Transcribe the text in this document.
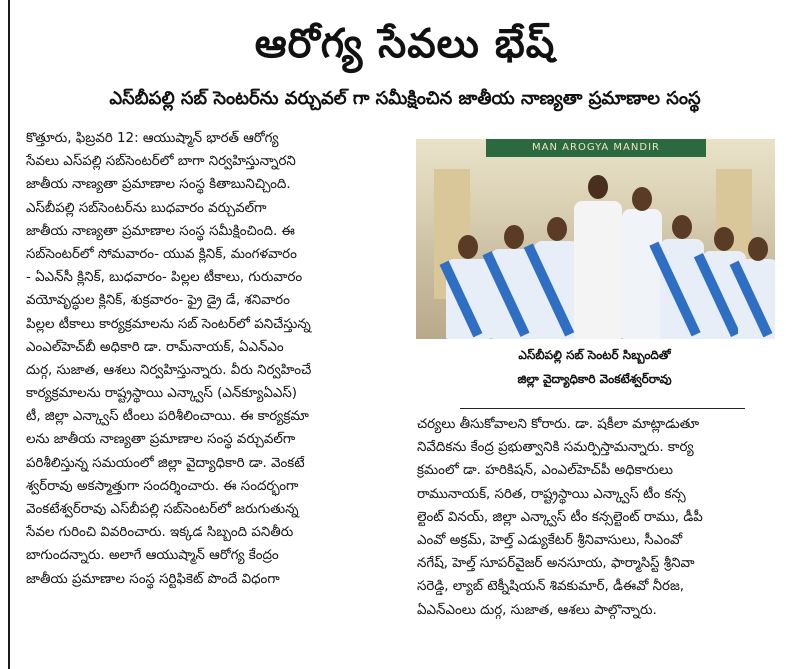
ఆరోగ్య సేవలు భేష్
ఎస్‌బీపల్లి సబ్ సెంటర్‌ను వర్చువల్ గా సమీక్షించిన జాతీయ నాణ్యతా ప్రమాణాల సంస్థ
కొత్తూరు, ఫిబ్రవరి 12: ఆయుష్మాన్ భారత్ ఆరోగ్య
సేవలు ఎస్‌పల్లి సబ్‌సెంటర్‌లో బాగా నిర్వహిస్తున్నారని
జాతీయ నాణ్యతా ప్రమాణాల సంస్థ కితాబునిచ్చింది.
ఎస్‌బీపల్లి సబ్‌సెంటర్‌ను బుధవారం వర్చువల్‌గా
జాతీయ నాణ్యతా ప్రమాణాల సంస్థ సమీక్షించింది. ఈ
సబ్‌సెంటర్‌లో సోమవారం- యువ క్లినిక్, మంగళవారం
- ఏఎన్‌సీ క్లినిక్, బుధవారం- పిల్లల టీకాలు, గురువారం
వయోవృద్ధుల క్లినిక్, శుక్రవారం- ఫ్రై డ్రై డే, శనివారం
పిల్లల టీకాలు కార్యక్రమాలను సబ్ సెంటర్‌లో పనిచేస్తున్న
ఎంఎల్‌హెచ్‌బీ అధికారి డా. రామ్‌నాయక్, ఏఎన్‌ఎం
దుర్గ, సుజాత, ఆశలు నిర్వహిస్తున్నారు. వీరు నిర్వహించే
కార్యక్రమాలను రాష్ట్రస్థాయి ఎన్క్వాస్ (ఎన్‌క్యూఏఎస్)
టీ, జిల్లా ఎన్క్వాస్ టీంలు పరిశీలించాయి. ఈ కార్యక్రమా
లను జాతీయ నాణ్యతా ప్రమాణాల సంస్థ వర్చువల్‌గా
పరిశీలిస్తున్న సమయంలో జిల్లా వైద్యాధికారి డా. వెంకటే
శ్వర్‌రావు అకస్మాత్తుగా సందర్శించారు. ఈ సందర్భంగా
వెంకటేశ్వర్‌రావు ఎస్‌బీపల్లి సబ్‌సెంటర్‌లో జరుగుతున్న
సేవల గురించి వివరించారు. ఇక్కడ సిబ్బంది పనితీరు
బాగుందన్నారు. అలాగే ఆయుష్మాన్ ఆరోగ్య కేంద్రం
జాతీయ ప్రమాణాల సంస్థ సర్టిఫికెట్ పొందే విధంగా
MAN AROGYA MANDIR
ఎస్‌బీపల్లి సబ్ సెంటర్ సిబ్బందితో
జిల్లా వైద్యాధికారి వెంకటేశ్వర్‌రావు
చర్యలు తీసుకోవాలని కోరారు. డా. షకీలా మాట్లాడుతూ
నివేదికను కేంద్ర ప్రభుత్వానికి సమర్పిస్తామన్నారు. కార్య
క్రమంలో డా. హరికిషన్, ఎంఎల్‌హెచ్‌పీ అధికారులు
రామునాయక్, సరిత, రాష్ట్రస్థాయి ఎన్క్వాస్ టీం కన్స
ల్టెంట్ వినయ్, జిల్లా ఎన్క్వాస్ టీం కన్సల్టెంట్ రాము, డీపీ
ఎంవో అక్రమ్, హెల్త్ ఎడ్యుకేటర్ శ్రీనివాసులు, సీఎంవో
నగేష్, హెల్త్ సూపర్‌వైజర్ అనసూయ, ఫార్మాసిస్ట్ శ్రీనివా
సరెడ్డి, ల్యాబ్ టెక్నీషియన్ శివకుమార్, డీఈవో నీరజ,
ఏఎన్ఎంలు దుర్గ, సుజాత, ఆశలు పాల్గొన్నారు.
